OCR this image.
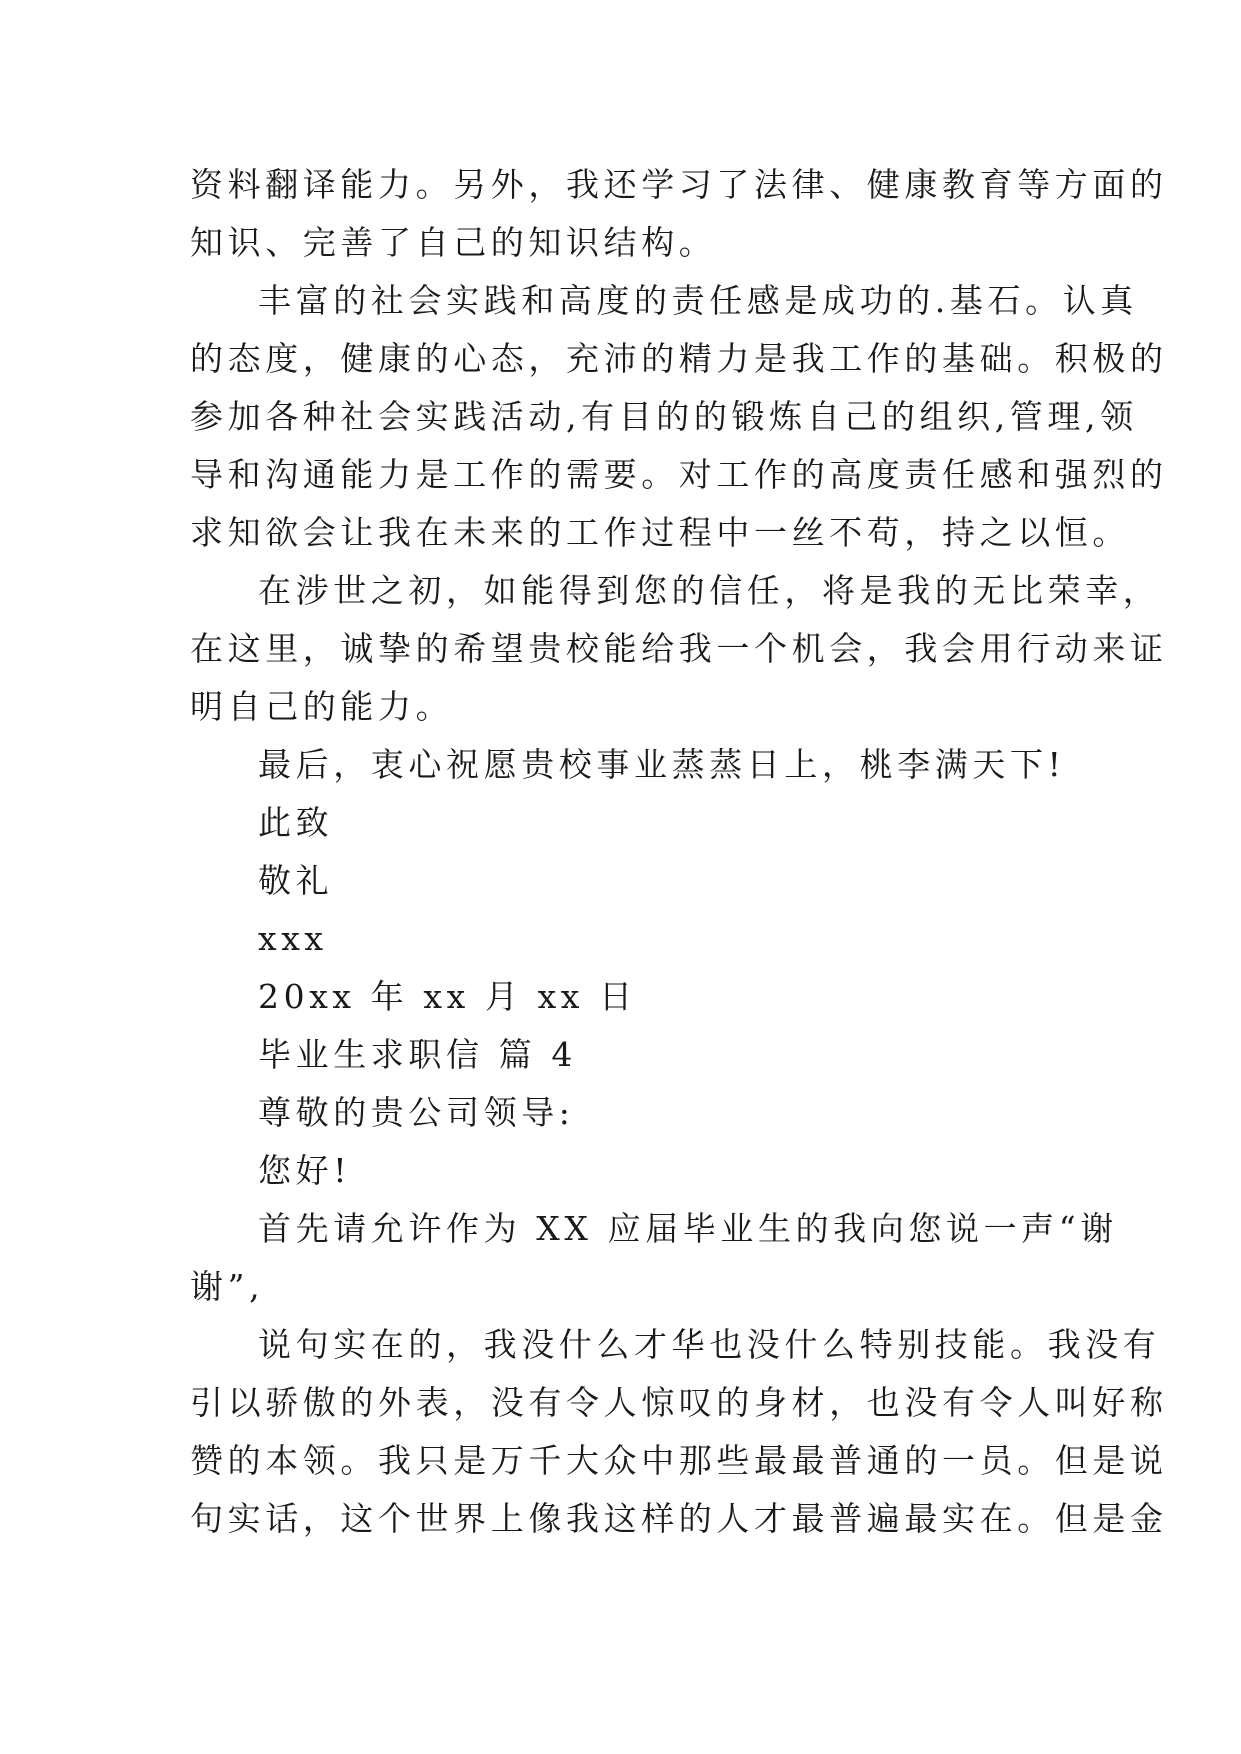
资料翻译能力。另外，我还学习了法律、健康教育等方面的
知识、完善了自己的知识结构。
丰富的社会实践和高度的责任感是成功的.基石。认真
的态度，健康的心态，充沛的精力是我工作的基础。积极的
参加各种社会实践活动,有目的的锻炼自己的组织,管理,领
导和沟通能力是工作的需要。对工作的高度责任感和强烈的
求知欲会让我在未来的工作过程中一丝不苟，持之以恒。
在涉世之初，如能得到您的信任，将是我的无比荣幸，
在这里，诚挚的希望贵校能给我一个机会，我会用行动来证
明自己的能力。
最后，衷心祝愿贵校事业蒸蒸日上，桃李满天下!
此致
敬礼
xxx
20xx 年 xx 月 xx 日
毕业生求职信 篇 4
尊敬的贵公司领导:
您好!
首先请允许作为 XX 应届毕业生的我向您说一声“谢
谢”,
说句实在的，我没什么才华也没什么特别技能。我没有
引以骄傲的外表，没有令人惊叹的身材，也没有令人叫好称
赞的本领。我只是万千大众中那些最最普通的一员。但是说
句实话，这个世界上像我这样的人才最普遍最实在。但是金
